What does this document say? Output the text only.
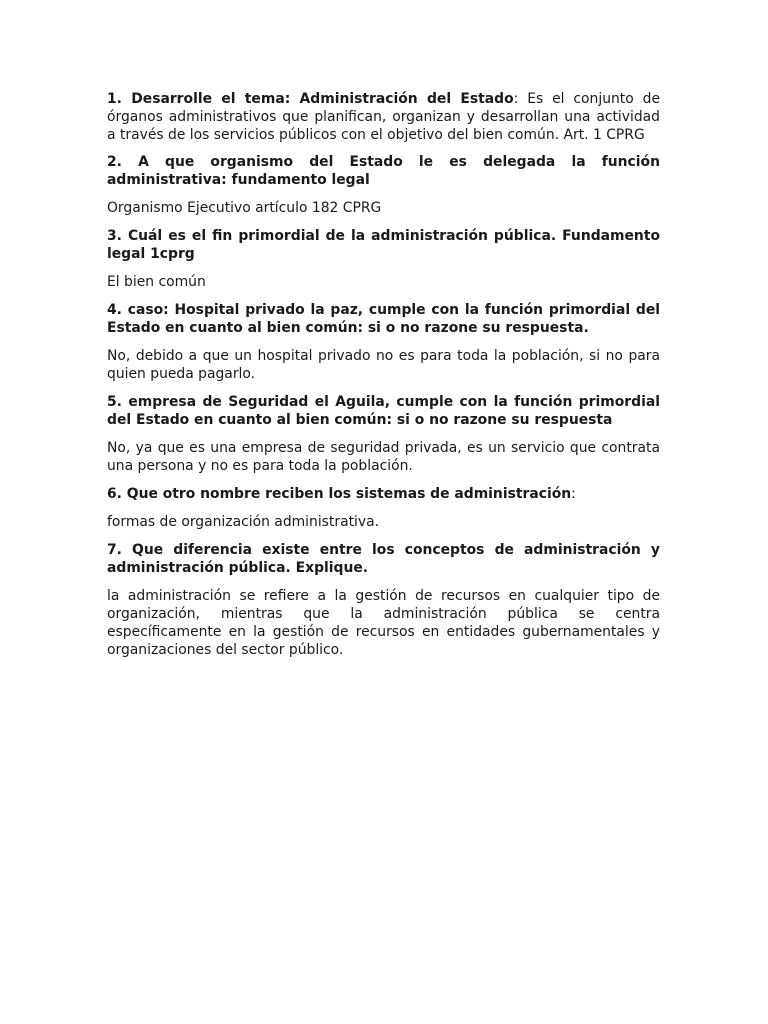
1. Desarrolle el tema: Administración del Estado: Es el conjunto de órganos administrativos que planifican, organizan y desarrollan una actividad a través de los servicios públicos con el objetivo del bien común. Art. 1 CPRG

2. A que organismo del Estado le es delegada la función administrativa: fundamento legal

Organismo Ejecutivo artículo 182 CPRG

3. Cuál es el fin primordial de la administración pública. Fundamento legal 1cprg

El bien común

4. caso: Hospital privado la paz, cumple con la función primordial del Estado en cuanto al bien común: si o no razone su respuesta.

No, debido a que un hospital privado no es para toda la población, si no para quien pueda pagarlo.

5. empresa de Seguridad el Aguila, cumple con la función primordial del Estado en cuanto al bien común: si o no razone su respuesta

No, ya que es una empresa de seguridad privada, es un servicio que contrata una persona y no es para toda la población.

6. Que otro nombre reciben los sistemas de administración:

formas de organización administrativa.

7. Que diferencia existe entre los conceptos de administración y administración pública. Explique.

la administración se refiere a la gestión de recursos en cualquier tipo de organización, mientras que la administración pública se centra específicamente en la gestión de recursos en entidades gubernamentales y organizaciones del sector público.
